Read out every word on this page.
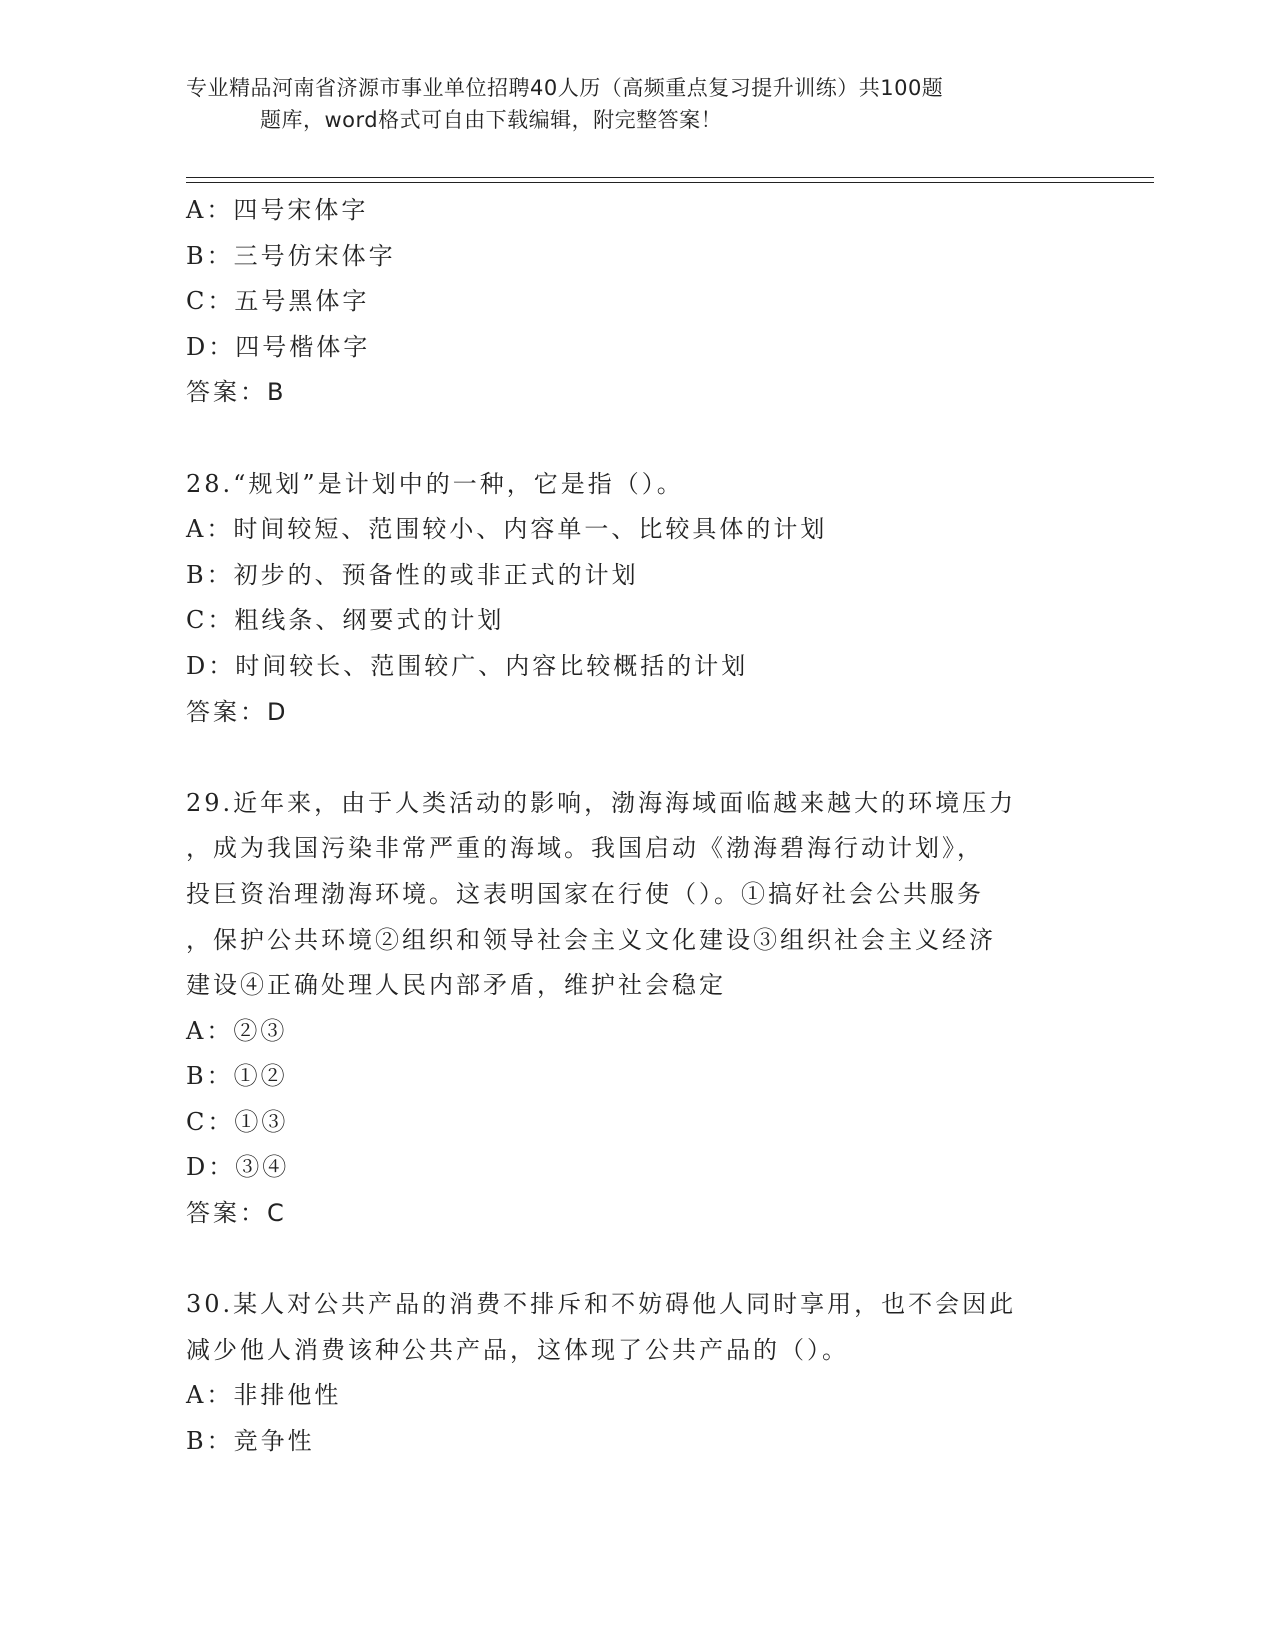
专业精品河南省济源市事业单位招聘40人历（高频重点复习提升训练）共100题
题库，word格式可自由下载编辑，附完整答案！
A：四号宋体字
B：三号仿宋体字
C：五号黑体字
D：四号楷体字
答案：B
28.“规划”是计划中的一种，它是指（）。
A：时间较短、范围较小、内容单一、比较具体的计划
B：初步的、预备性的或非正式的计划
C：粗线条、纲要式的计划
D：时间较长、范围较广、内容比较概括的计划
答案：D
29.近年来，由于人类活动的影响，渤海海域面临越来越大的环境压力
，成为我国污染非常严重的海域。我国启动《渤海碧海行动计划》，
投巨资治理渤海环境。这表明国家在行使（）。①搞好社会公共服务
，保护公共环境②组织和领导社会主义文化建设③组织社会主义经济
建设④正确处理人民内部矛盾，维护社会稳定
A：②③
B：①②
C：①③
D：③④
答案：C
30.某人对公共产品的消费不排斥和不妨碍他人同时享用，也不会因此
减少他人消费该种公共产品，这体现了公共产品的（）。
A：非排他性
B：竞争性
